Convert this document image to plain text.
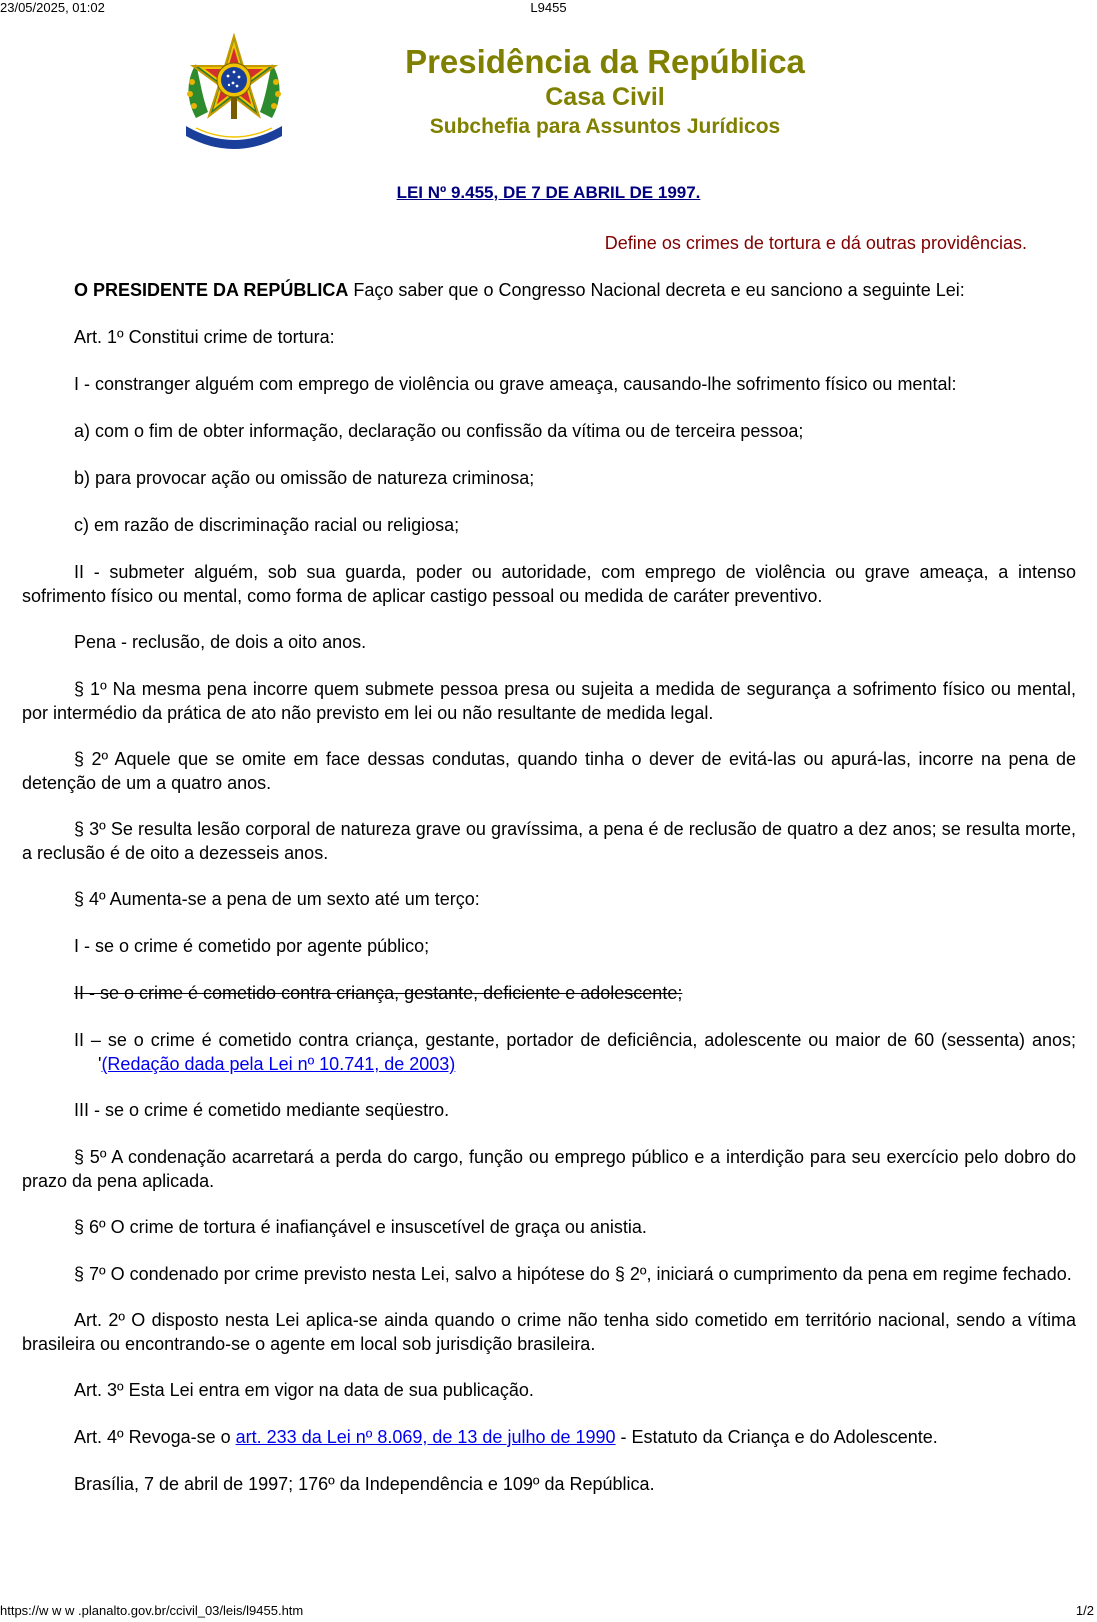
23/05/2025, 01:02	L9455
Presidência da República
Casa Civil
Subchefia para Assuntos Jurídicos
LEI Nº 9.455, DE 7 DE ABRIL DE 1997.
Define os crimes de tortura e dá outras providências.

O PRESIDENTE DA REPÚBLICA Faço saber que o Congresso Nacional decreta e eu sanciono a seguinte Lei:

Art. 1º Constitui crime de tortura:

I - constranger alguém com emprego de violência ou grave ameaça, causando-lhe sofrimento físico ou mental:

a) com o fim de obter informação, declaração ou confissão da vítima ou de terceira pessoa;

b) para provocar ação ou omissão de natureza criminosa;

c) em razão de discriminação racial ou religiosa;

II - submeter alguém, sob sua guarda, poder ou autoridade, com emprego de violência ou grave ameaça, a intenso sofrimento físico ou mental, como forma de aplicar castigo pessoal ou medida de caráter preventivo.

Pena - reclusão, de dois a oito anos.

§ 1º Na mesma pena incorre quem submete pessoa presa ou sujeita a medida de segurança a sofrimento físico ou mental, por intermédio da prática de ato não previsto em lei ou não resultante de medida legal.

§ 2º Aquele que se omite em face dessas condutas, quando tinha o dever de evitá-las ou apurá-las, incorre na pena de detenção de um a quatro anos.

§ 3º Se resulta lesão corporal de natureza grave ou gravíssima, a pena é de reclusão de quatro a dez anos; se resulta morte, a reclusão é de oito a dezesseis anos.

§ 4º Aumenta-se a pena de um sexto até um terço:

I - se o crime é cometido por agente público;

II - se o crime é cometido contra criança, gestante, deficiente e adolescente;

II – se o crime é cometido contra criança, gestante, portador de deficiência, adolescente ou maior de 60 (sessenta) anos;'(Redação dada pela Lei nº 10.741, de 2003)

III - se o crime é cometido mediante seqüestro.

§ 5º A condenação acarretará a perda do cargo, função ou emprego público e a interdição para seu exercício pelo dobro do prazo da pena aplicada.

§ 6º O crime de tortura é inafiançável e insuscetível de graça ou anistia.

§ 7º O condenado por crime previsto nesta Lei, salvo a hipótese do § 2º, iniciará o cumprimento da pena em regime fechado.

Art. 2º O disposto nesta Lei aplica-se ainda quando o crime não tenha sido cometido em território nacional, sendo a vítima brasileira ou encontrando-se o agente em local sob jurisdição brasileira.

Art. 3º Esta Lei entra em vigor na data de sua publicação.

Art. 4º Revoga-se o art. 233 da Lei nº 8.069, de 13 de julho de 1990 - Estatuto da Criança e do Adolescente.

Brasília, 7 de abril de 1997; 176º da Independência e 109º da República.

https://w w w .planalto.gov.br/ccivil_03/leis/l9455.htm	1/2
